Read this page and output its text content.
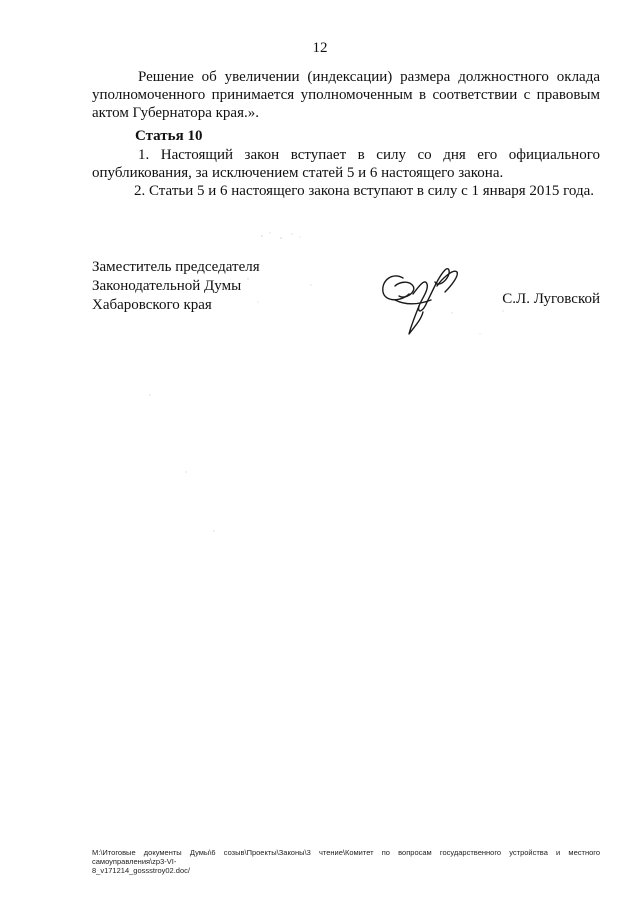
12

Решение об увеличении (индексации) размера должностного оклада уполномоченного принимается уполномоченным в соответствии с правовым актом Губернатора края.».

Статья 10

1. Настоящий закон вступает в силу со дня его официального опубликования, за исключением статей 5 и 6 настоящего закона.

2. Статьи 5 и 6 настоящего закона вступают в силу с 1 января 2015 года.

Заместитель председателя
Законодательной Думы
Хабаровского края	С.Л. Луговской
M:\Итоговые документы Думы\6 созыв\Проекты\Законы\3 чтение\Комитет по вопросам государственного устройства и местного самоуправления\zp3-VI-
8_v171214_gossstroy02.doc/
